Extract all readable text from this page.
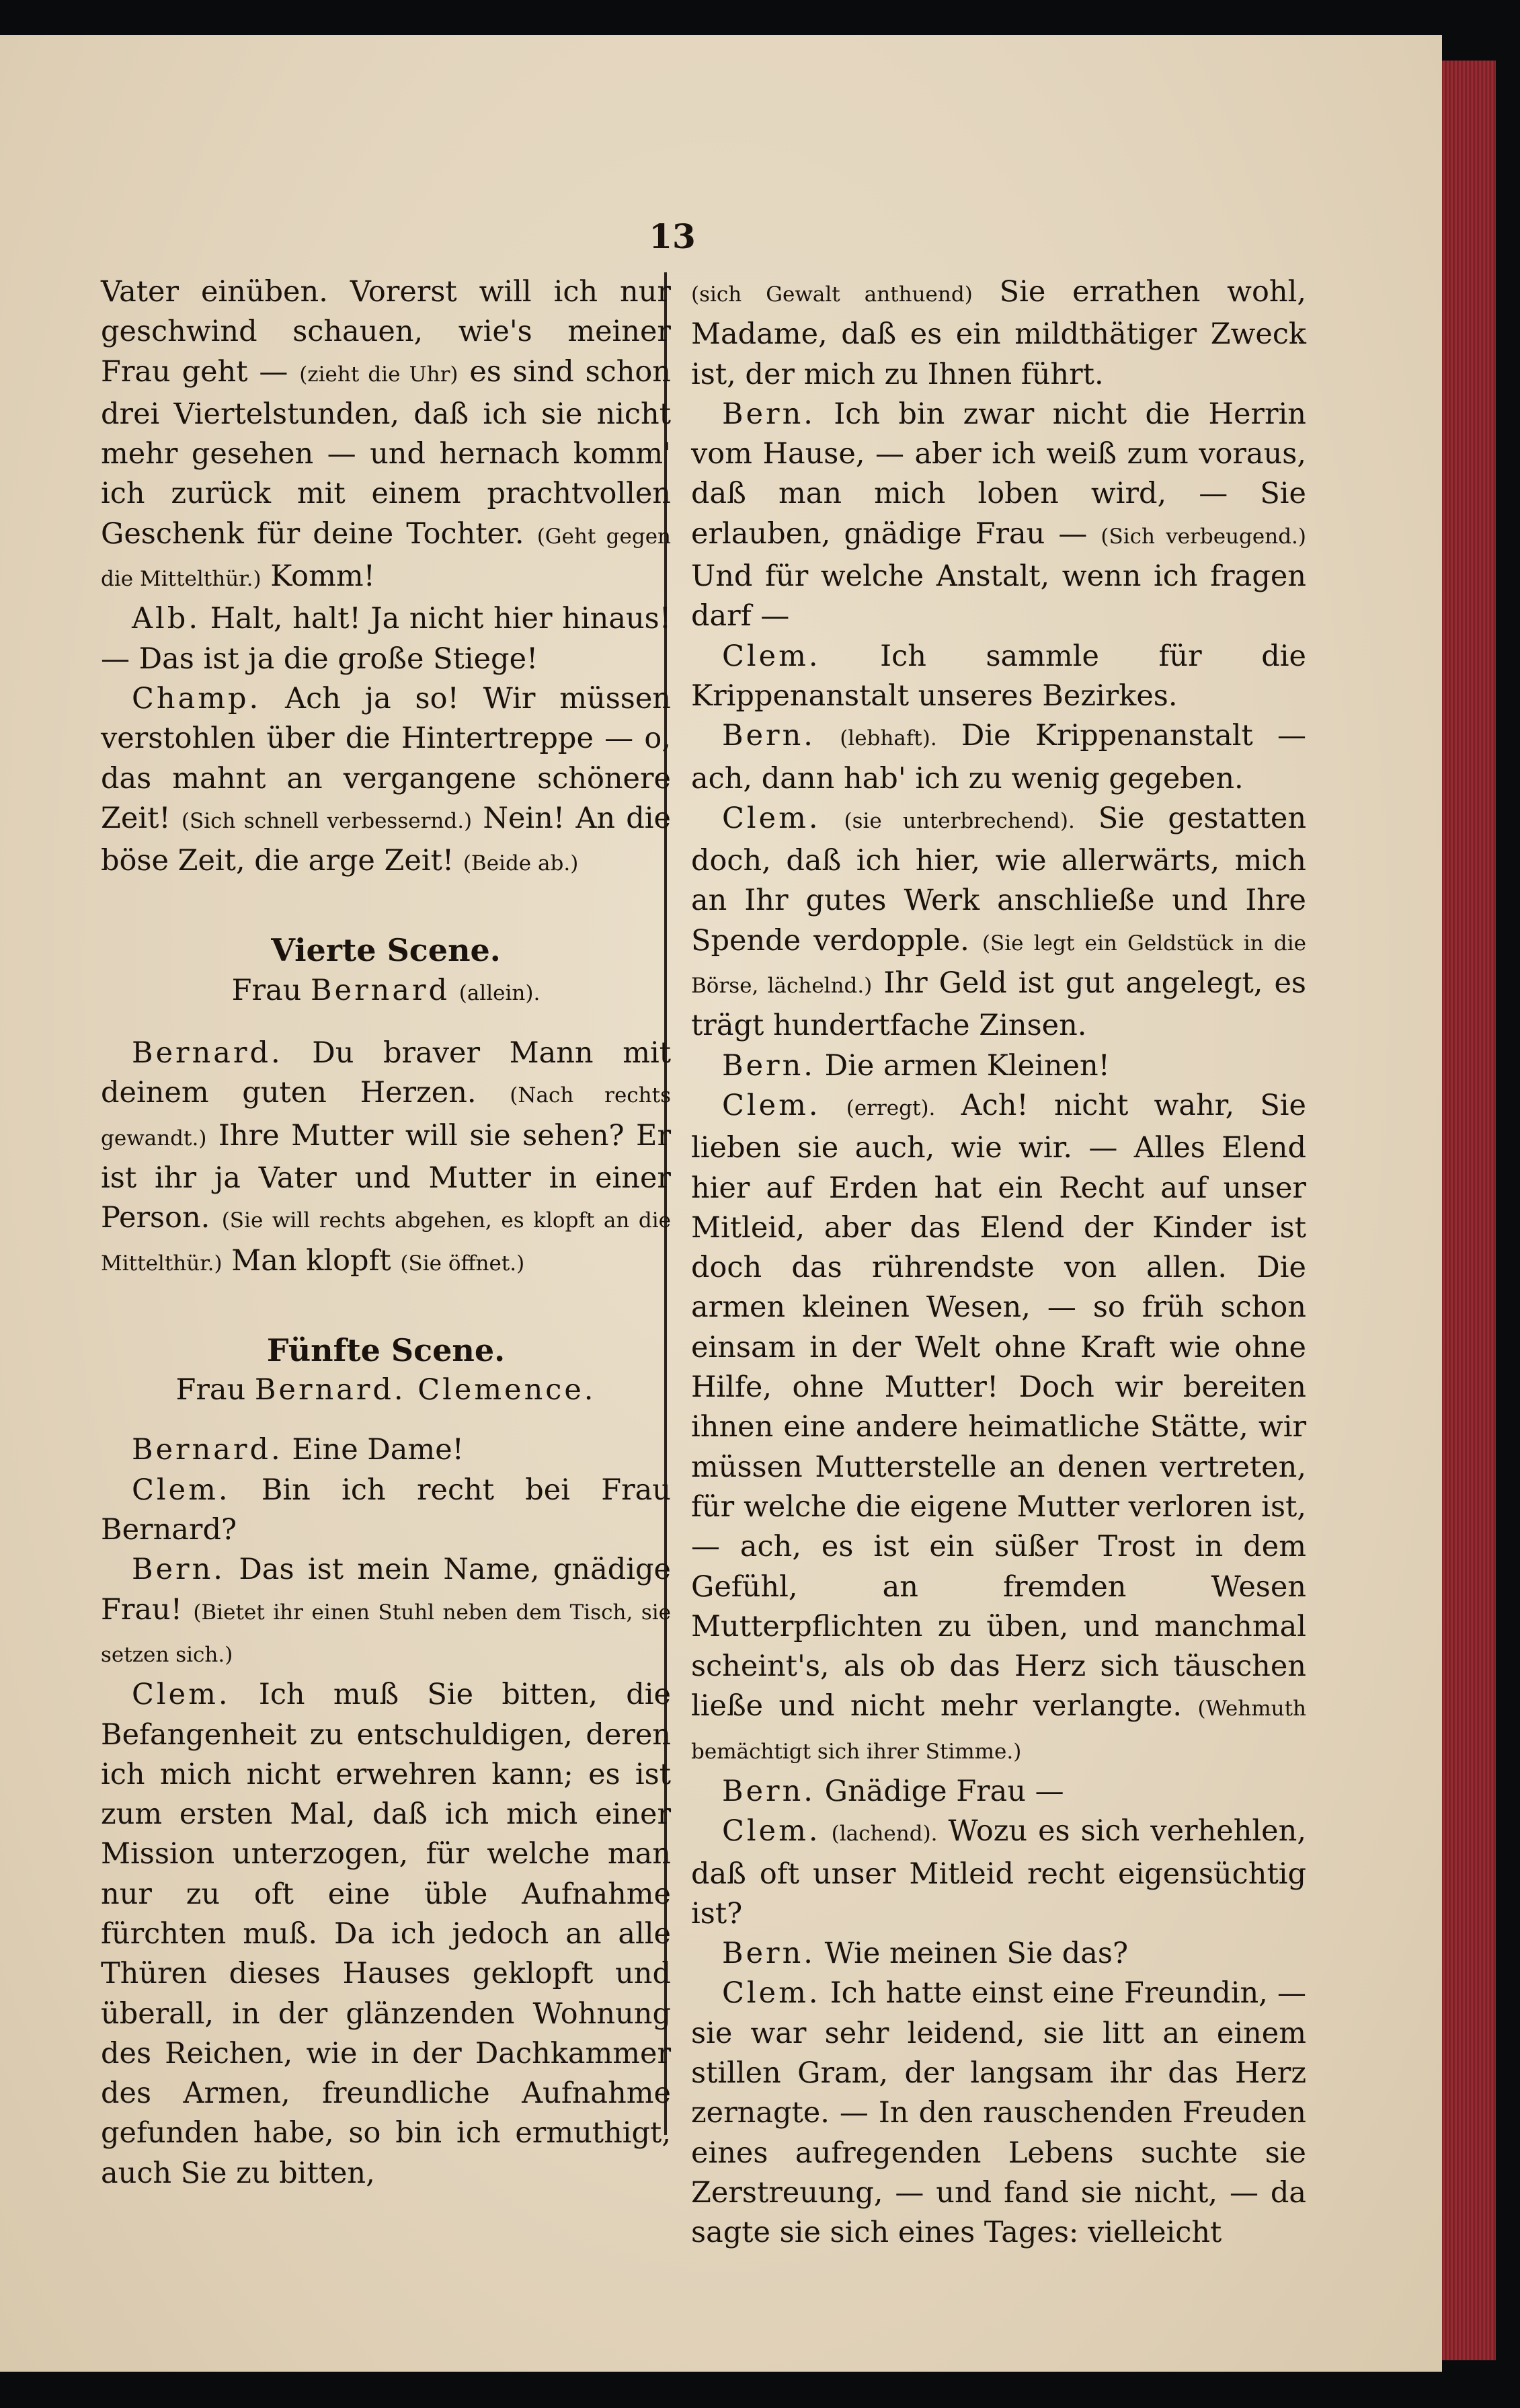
13

Vater einüben. Vorerst will ich nur geschwind schauen, wie's meiner Frau geht — (zieht die Uhr) es sind schon drei Viertelstunden, daß ich sie nicht mehr gesehen — und hernach komm' ich zurück mit einem prachtvollen Geschenk für deine Tochter. (Geht gegen die Mittelthür.) Komm!

Alb. Halt, halt! Ja nicht hier hinaus! — Das ist ja die große Stiege!

Champ. Ach ja so! Wir müssen verstohlen über die Hintertreppe — o, das mahnt an vergangene schönere Zeit! (Sich schnell verbessernd.) Nein! An die böse Zeit, die arge Zeit! (Beide ab.)

Vierte Scene.

Frau Bernard (allein).

Bernard. Du braver Mann mit deinem guten Herzen. (Nach rechts gewandt.) Ihre Mutter will sie sehen? Er ist ihr ja Vater und Mutter in einer Person. (Sie will rechts abgehen, es klopft an die Mittelthür.) Man klopft (Sie öffnet.)

Fünfte Scene.

Frau Bernard. Clemence.

Bernard. Eine Dame!

Clem. Bin ich recht bei Frau Bernard?

Bern. Das ist mein Name, gnädige Frau! (Bietet ihr einen Stuhl neben dem Tisch, sie setzen sich.)

Clem. Ich muß Sie bitten, die Befangenheit zu entschuldigen, deren ich mich nicht erwehren kann; es ist zum ersten Mal, daß ich mich einer Mission unterzogen, für welche man nur zu oft eine üble Aufnahme fürchten muß. Da ich jedoch an alle Thüren dieses Hauses geklopft und überall, in der glänzenden Wohnung des Reichen, wie in der Dachkammer des Armen, freundliche Aufnahme gefunden habe, so bin ich ermuthigt, auch Sie zu bitten,

(sich Gewalt anthuend) Sie errathen wohl, Madame, daß es ein mildthätiger Zweck ist, der mich zu Ihnen führt.

Bern. Ich bin zwar nicht die Herrin vom Hause, — aber ich weiß zum voraus, daß man mich loben wird, — Sie erlauben, gnädige Frau — (Sich verbeugend.) Und für welche Anstalt, wenn ich fragen darf —

Clem. Ich sammle für die Krippenanstalt unseres Bezirkes.

Bern. (lebhaft). Die Krippenanstalt — ach, dann hab' ich zu wenig gegeben.

Clem. (sie unterbrechend). Sie gestatten doch, daß ich hier, wie allerwärts, mich an Ihr gutes Werk anschließe und Ihre Spende verdopple. (Sie legt ein Geldstück in die Börse, lächelnd.) Ihr Geld ist gut angelegt, es trägt hundertfache Zinsen.

Bern. Die armen Kleinen!

Clem. (erregt). Ach! nicht wahr, Sie lieben sie auch, wie wir. — Alles Elend hier auf Erden hat ein Recht auf unser Mitleid, aber das Elend der Kinder ist doch das rührendste von allen. Die armen kleinen Wesen, — so früh schon einsam in der Welt ohne Kraft wie ohne Hilfe, ohne Mutter! Doch wir bereiten ihnen eine andere heimatliche Stätte, wir müssen Mutterstelle an denen vertreten, für welche die eigene Mutter verloren ist, — ach, es ist ein süßer Trost in dem Gefühl, an fremden Wesen Mutterpflichten zu üben, und manchmal scheint's, als ob das Herz sich täuschen ließe und nicht mehr verlangte. (Wehmuth bemächtigt sich ihrer Stimme.)

Bern. Gnädige Frau —

Clem. (lachend). Wozu es sich verhehlen, daß oft unser Mitleid recht eigensüchtig ist?

Bern. Wie meinen Sie das?

Clem. Ich hatte einst eine Freundin, — sie war sehr leidend, sie litt an einem stillen Gram, der langsam ihr das Herz zernagte. — In den rauschenden Freuden eines aufregenden Lebens suchte sie Zerstreuung, — und fand sie nicht, — da sagte sie sich eines Tages: vielleicht
